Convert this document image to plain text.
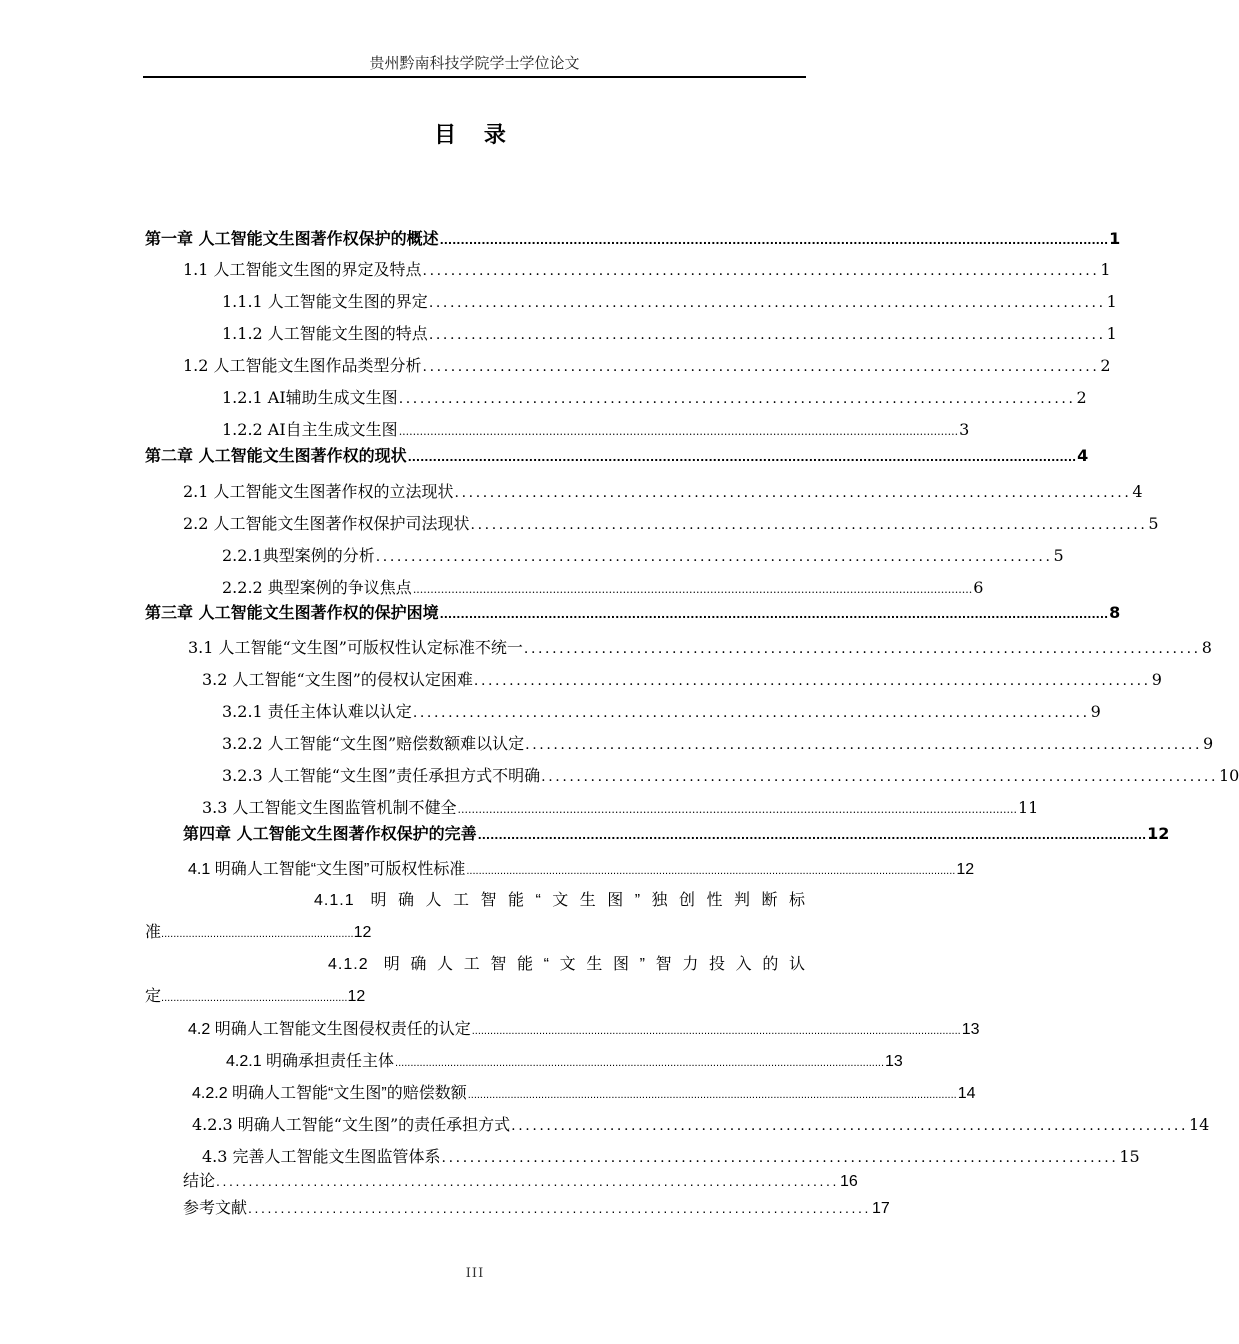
贵州黔南科技学院学士学位论文
目 录
第一章 人工智能文生图著作权保护的概述 ................................................................................................................................................................ 1
1.1 人工智能文生图的界定及特点 ................................................................................................ 1
1.1.1 人工智能文生图的界定 ................................................................................................ 1
1.1.2 人工智能文生图的特点 ................................................................................................ 1
1.2 人工智能文生图作品类型分析 ................................................................................................ 2
1.2.1 AI辅助生成文生图 ................................................................................................ 2
1.2.2 AI自主生成文生图 ................................................................................................................................................................ 3
第二章 人工智能文生图著作权的现状 ................................................................................................................................................................ 4
2.1 人工智能文生图著作权的立法现状 ................................................................................................ 4
2.2 人工智能文生图著作权保护司法现状 ................................................................................................ 5
2.2.1典型案例的分析 ................................................................................................ 5
2.2.2 典型案例的争议焦点 ................................................................................................................................................................ 6
第三章 人工智能文生图著作权的保护困境 ................................................................................................................................................................ 8
3.1 人工智能“文生图”可版权性认定标准不统一 ................................................................................................ 8
3.2 人工智能“文生图”的侵权认定困难 ................................................................................................ 9
3.2.1 责任主体认难以认定 ................................................................................................ 9
3.2.2 人工智能“文生图”赔偿数额难以认定 ................................................................................................ 9
3.2.3 人工智能“文生图”责任承担方式不明确 ................................................................................................ 10
3.3 人工智能文生图监管机制不健全 ................................................................................................................................................................ 11
第四章 人工智能文生图著作权保护的完善 ................................................................................................................................................................ 12
4.1 明确人工智能“文生图”可版权性标准 ................................................................................................................................................................ 12
4.1.1 明确人工智能“文生图”独创性判断标
准 ............................................................... 12
4.1.2 明确人工智能“文生图”智力投入的认
定 ............................................................. 12
4.2 明确人工智能文生图侵权责任的认定 ................................................................................................................................................................ 13
4.2.1 明确承担责任主体 ................................................................................................................................................................ 13
4.2.2 明确人工智能“文生图”的赔偿数额 ................................................................................................................................................................ 14
4.2.3 明确人工智能“文生图”的责任承担方式 ................................................................................................ 14
4.3 完善人工智能文生图监管体系 ................................................................................................ 15
结论 ................................................................................................ 16
参考文献 ................................................................................................ 17
III
